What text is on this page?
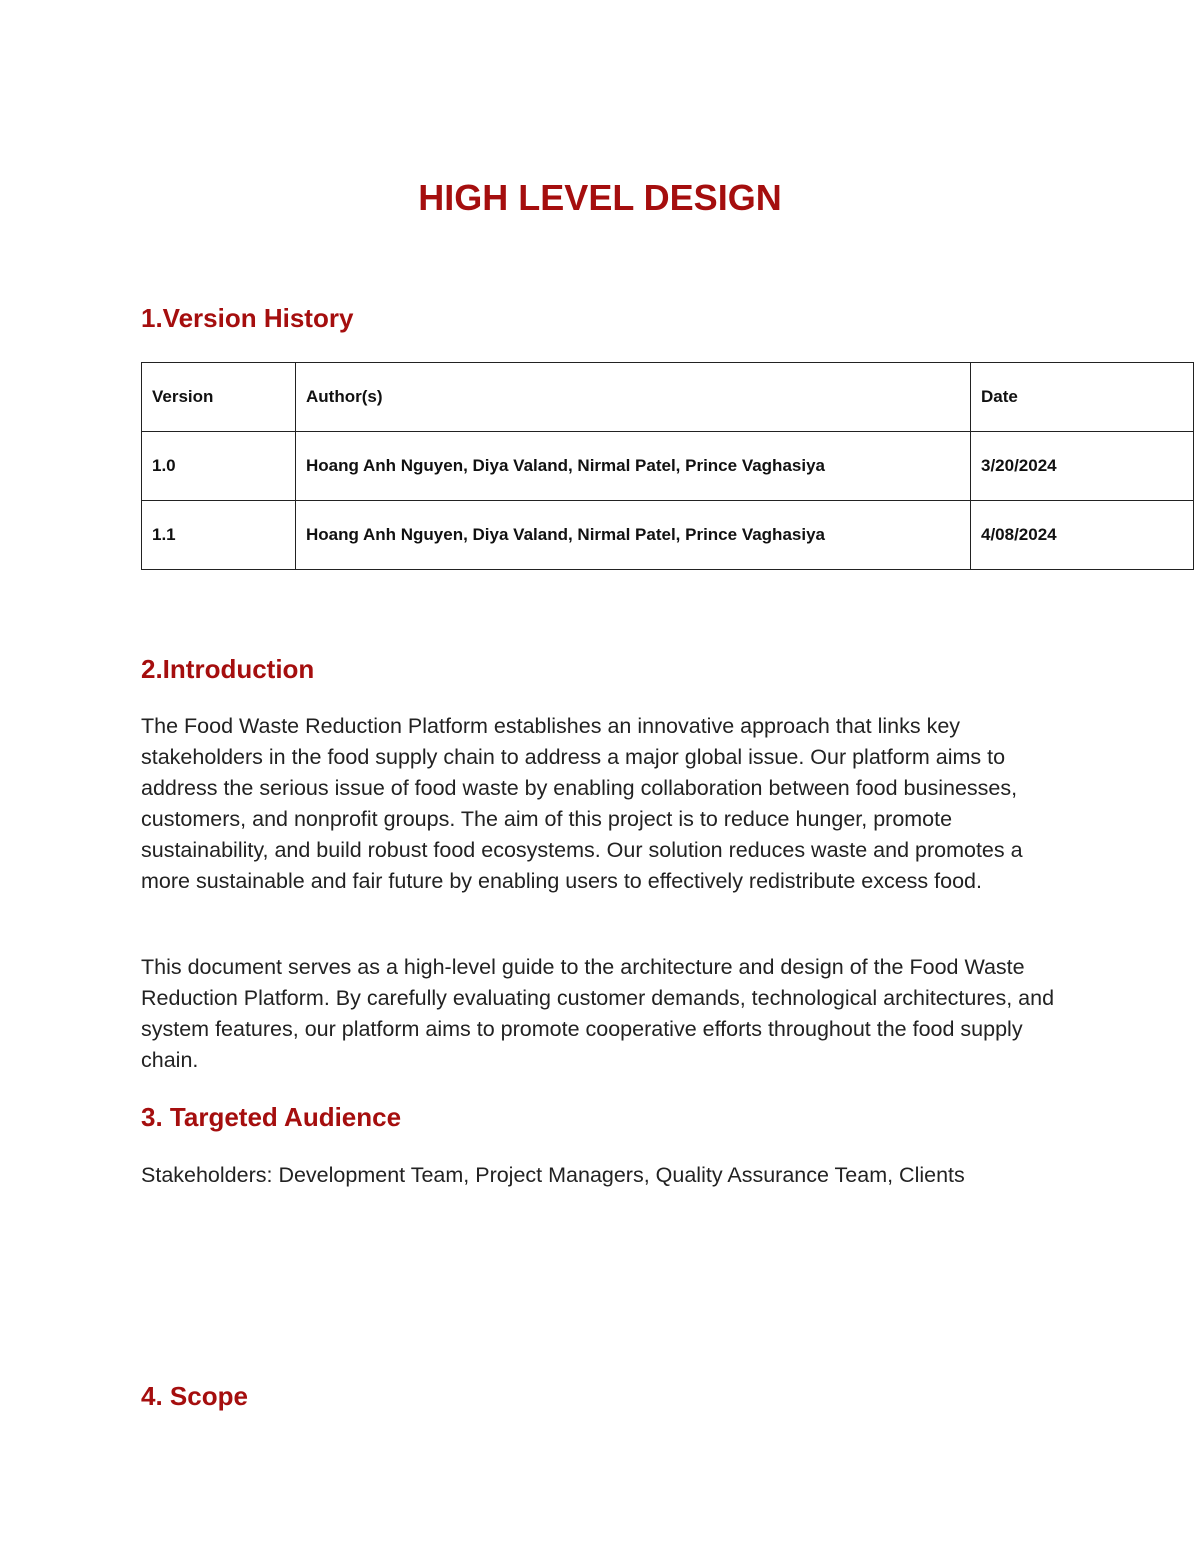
HIGH LEVEL DESIGN
1.Version History
Version	Author(s)	Date
1.0	Hoang Anh Nguyen, Diya Valand, Nirmal Patel, Prince Vaghasiya	3/20/2024
1.1	Hoang Anh Nguyen, Diya Valand, Nirmal Patel, Prince Vaghasiya	4/08/2024
2.Introduction

The Food Waste Reduction Platform establishes an innovative approach that links key stakeholders in the food supply chain to address a major global issue. Our platform aims to address the serious issue of food waste by enabling collaboration between food businesses, customers, and nonprofit groups. The aim of this project is to reduce hunger, promote sustainability, and build robust food ecosystems. Our solution reduces waste and promotes a more sustainable and fair future by enabling users to effectively redistribute excess food.

This document serves as a high-level guide to the architecture and design of the Food Waste Reduction Platform. By carefully evaluating customer demands, technological architectures, and system features, our platform aims to promote cooperative efforts throughout the food supply chain.

3. Targeted Audience

Stakeholders: Development Team, Project Managers, Quality Assurance Team, Clients

4. Scope
